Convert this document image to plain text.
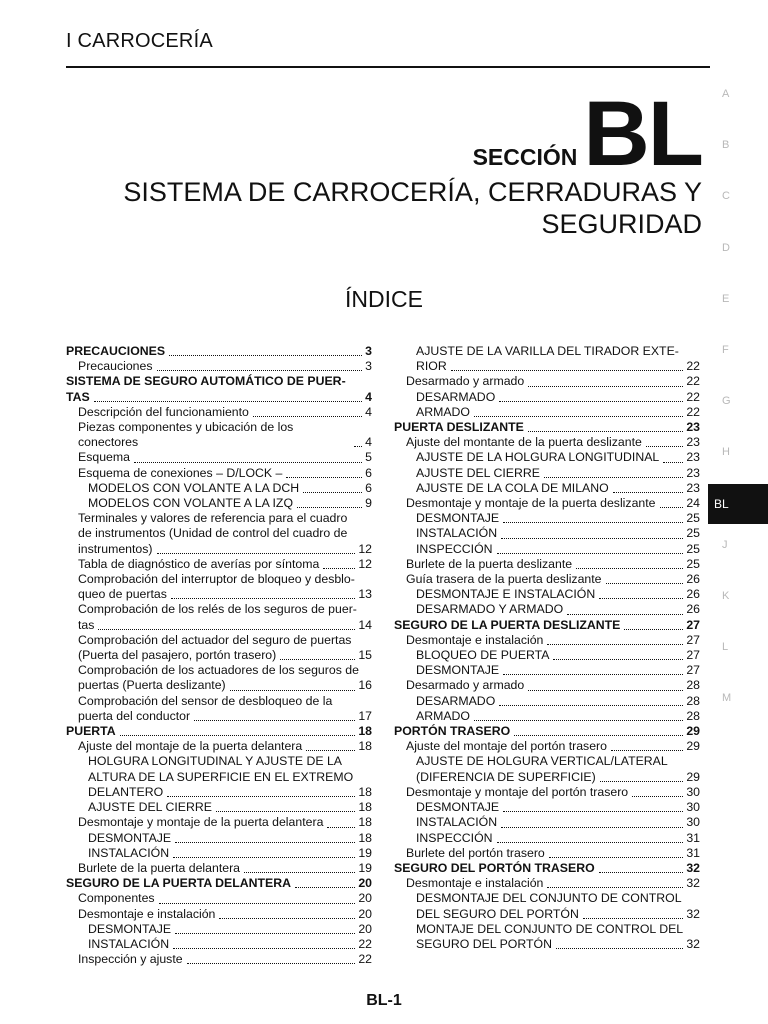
I CARROCERÍA
SECCIÓN BL
SISTEMA DE CARROCERÍA, CERRADURAS Y
SEGURIDAD
ÍNDICE
PRECAUCIONES	3
Precauciones	3
SISTEMA DE SEGURO AUTOMÁTICO DE PUER-
TAS	4
Descripción del funcionamiento	4
Piezas componentes y ubicación de los conectores	4
Esquema	5
Esquema de conexiones – D/LOCK –	6
MODELOS CON VOLANTE A LA DCH	6
MODELOS CON VOLANTE A LA IZQ	9
Terminales y valores de referencia para el cuadro
de instrumentos (Unidad de control del cuadro de
instrumentos)	12
Tabla de diagnóstico de averías por síntoma	12
Comprobación del interruptor de bloqueo y desblo-
queo de puertas	13
Comprobación de los relés de los seguros de puer-
tas	14
Comprobación del actuador del seguro de puertas
(Puerta del pasajero, portón trasero)	15
Comprobación de los actuadores de los seguros de
puertas (Puerta deslizante)	16
Comprobación del sensor de desbloqueo de la
puerta del conductor	17
PUERTA	18
Ajuste del montaje de la puerta delantera	18
HOLGURA LONGITUDINAL Y AJUSTE DE LA
ALTURA DE LA SUPERFICIE EN EL EXTREMO
DELANTERO	18
AJUSTE DEL CIERRE	18
Desmontaje y montaje de la puerta delantera	18
DESMONTAJE	18
INSTALACIÓN	19
Burlete de la puerta delantera	19
SEGURO DE LA PUERTA DELANTERA	20
Componentes	20
Desmontaje e instalación	20
DESMONTAJE	20
INSTALACIÓN	22
Inspección y ajuste	22
AJUSTE DE LA VARILLA DEL TIRADOR EXTE-
RIOR	22
Desarmado y armado	22
DESARMADO	22
ARMADO	22
PUERTA DESLIZANTE	23
Ajuste del montante de la puerta deslizante	23
AJUSTE DE LA HOLGURA LONGITUDINAL 23
AJUSTE DEL CIERRE	23
AJUSTE DE LA COLA DE MILANO	23
Desmontaje y montaje de la puerta deslizante	24
DESMONTAJE	25
INSTALACIÓN	25
INSPECCIÓN	25
Burlete de la puerta deslizante	25
Guía trasera de la puerta deslizante	26
DESMONTAJE E INSTALACIÓN	26
DESARMADO Y ARMADO	26
SEGURO DE LA PUERTA DESLIZANTE	27
Desmontaje e instalación	27
BLOQUEO DE PUERTA	27
DESMONTAJE	27
Desarmado y armado	28
DESARMADO	28
ARMADO	28
PORTÓN TRASERO	29
Ajuste del montaje del portón trasero	29
AJUSTE DE HOLGURA VERTICAL/LATERAL
(DIFERENCIA DE SUPERFICIE)	29
Desmontaje y montaje del portón trasero	30
DESMONTAJE	30
INSTALACIÓN	30
INSPECCIÓN	31
Burlete del portón trasero	31
SEGURO DEL PORTÓN TRASERO	32
Desmontaje e instalación	32
DESMONTAJE DEL CONJUNTO DE CONTROL
DEL SEGURO DEL PORTÓN	32
MONTAJE DEL CONJUNTO DE CONTROL DEL
SEGURO DEL PORTÓN	32
A
B
C
D
E
F
G
H
BL
J
K
L
M
BL-1
